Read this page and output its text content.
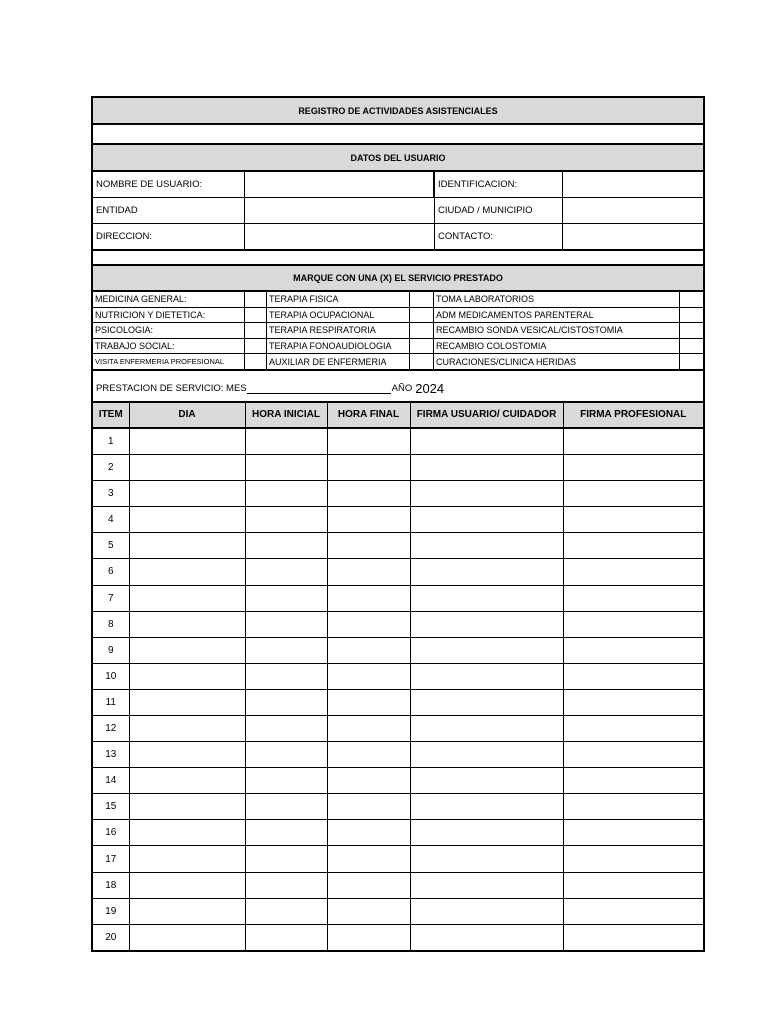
REGISTRO DE ACTIVIDADES ASISTENCIALES
DATOS DEL USUARIO
NOMBRE DE USUARIO:	IDENTIFICACION:
ENTIDAD	CIUDAD / MUNICIPIO
DIRECCION:	CONTACTO:
MARQUE CON UNA (X) EL SERVICIO PRESTADO
MEDICINA GENERAL:	TERAPIA FISICA	TOMA LABORATORIOS
NUTRICION Y DIETETICA:	TERAPIA OCUPACIONAL	ADM MEDICAMENTOS PARENTERAL
PSICOLOGIA:	TERAPIA RESPIRATORIA	RECAMBIO SONDA VESICAL/CISTOSTOMIA
TRABAJO SOCIAL:	TERAPIA FONOAUDIOLOGIA	RECAMBIO COLOSTOMIA
VISITA ENFERMERIA PROFESIONAL	AUXILIAR DE ENFERMERIA	CURACIONES/CLINICA HERIDAS
PRESTACION DE SERVICIO: MES	AÑO 2024
ITEM	DIA	HORA INICIAL	HORA FINAL	FIRMA USUARIO/ CUIDADOR	FIRMA PROFESIONAL
1					
2					
3					
4					
5					
6					
7					
8					
9					
10					
11					
12					
13					
14					
15					
16					
17					
18					
19					
20					
